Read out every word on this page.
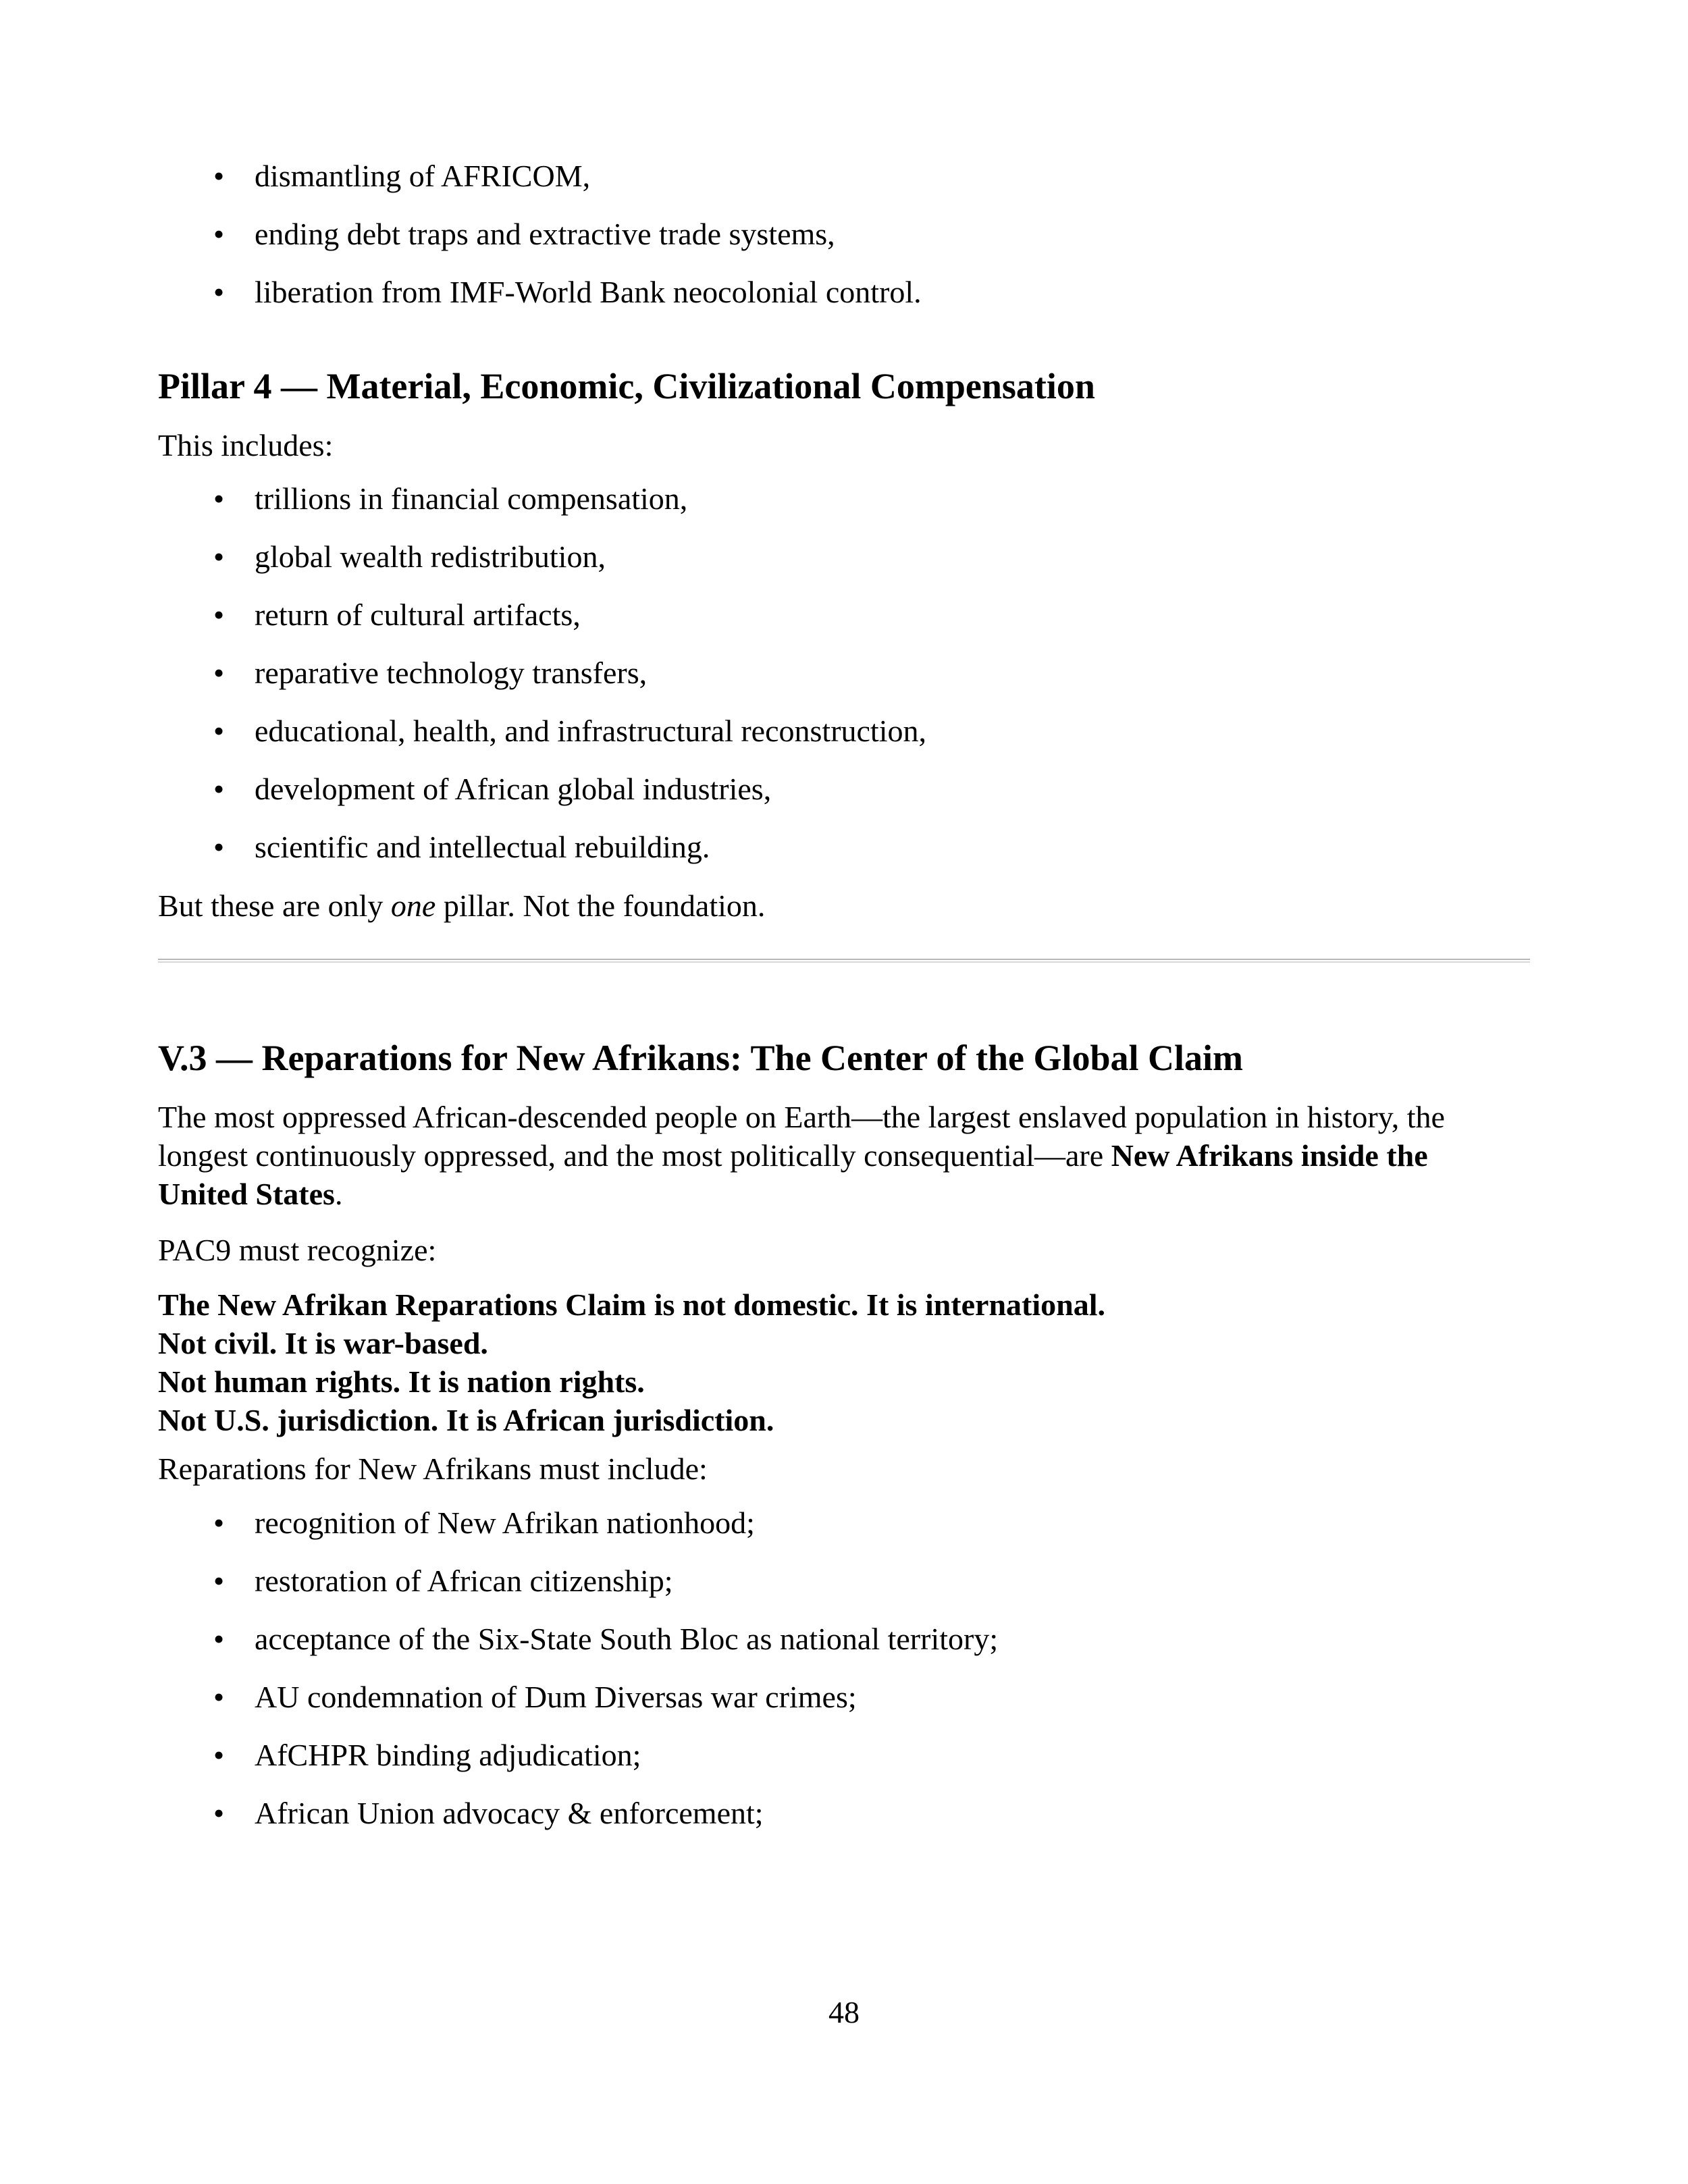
• dismantling of AFRICOM,
• ending debt traps and extractive trade systems,
• liberation from IMF-World Bank neocolonial control.
Pillar 4 — Material, Economic, Civilizational Compensation

This includes:

• trillions in financial compensation,
• global wealth redistribution,
• return of cultural artifacts,
• reparative technology transfers,
• educational, health, and infrastructural reconstruction,
• development of African global industries,
• scientific and intellectual rebuilding.

But these are only one pillar. Not the foundation.

V.3 — Reparations for New Afrikans: The Center of the Global Claim
The most oppressed African-descended people on Earth—the largest enslaved population in history, the
longest continuously oppressed, and the most politically consequential—are New Afrikans inside the
United States.

PAC9 must recognize:

The New Afrikan Reparations Claim is not domestic. It is international.
Not civil. It is war-based.
Not human rights. It is nation rights.
Not U.S. jurisdiction. It is African jurisdiction.

Reparations for New Afrikans must include:

• recognition of New Afrikan nationhood;
• restoration of African citizenship;
• acceptance of the Six-State South Bloc as national territory;
• AU condemnation of Dum Diversas war crimes;
• AfCHPR binding adjudication;
• African Union advocacy & enforcement;
48
